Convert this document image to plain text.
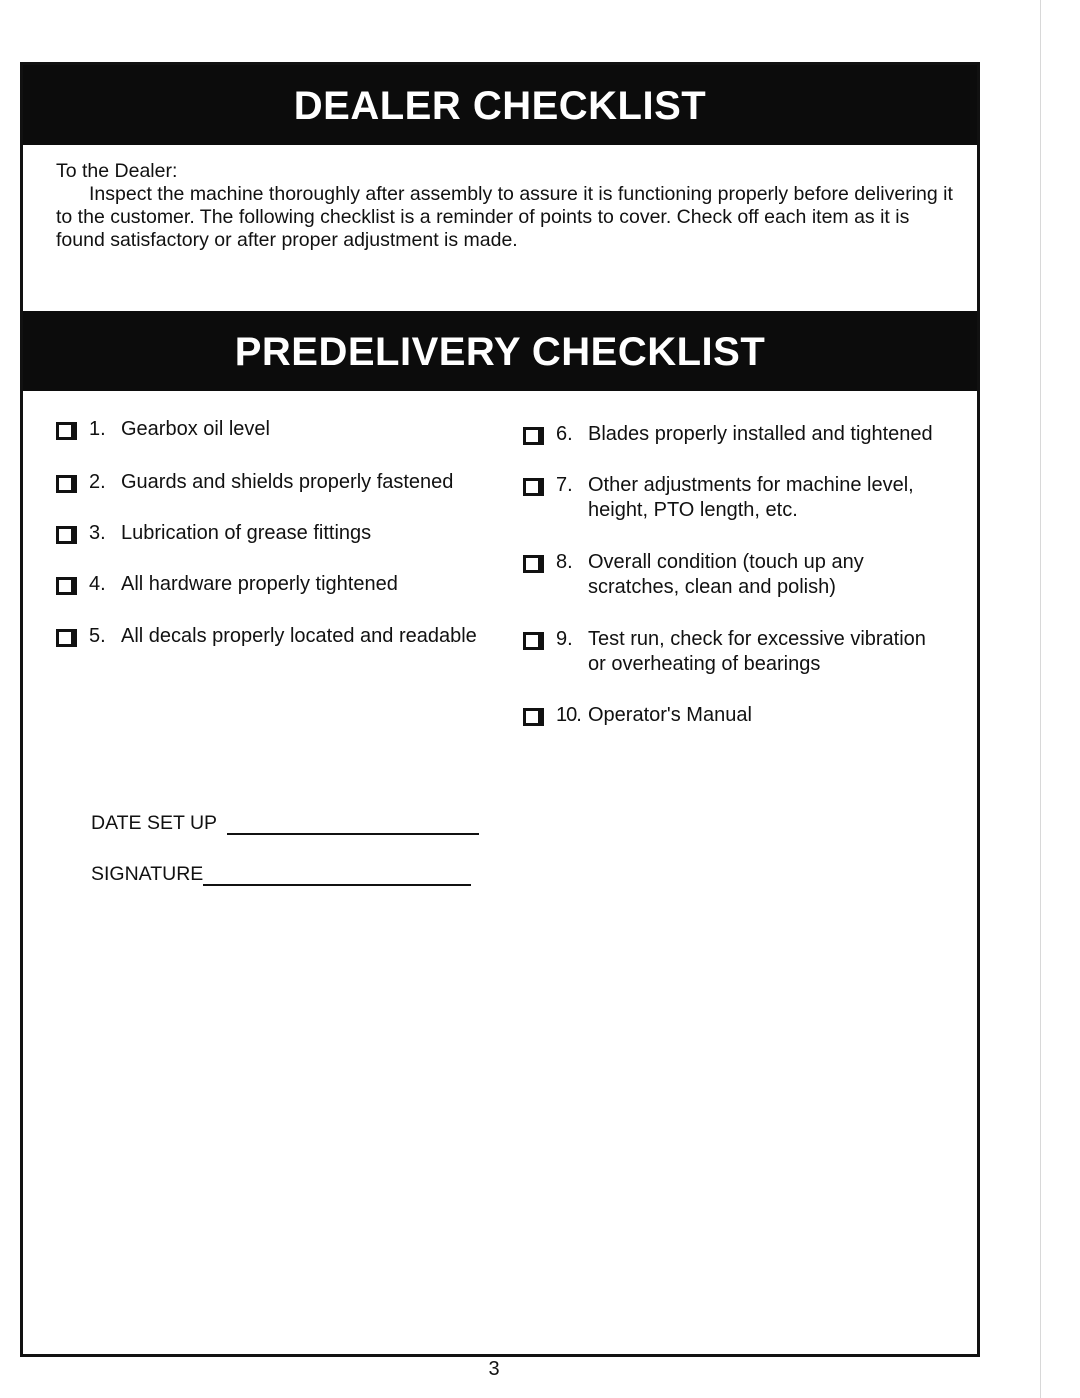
DEALER CHECKLIST
To the Dealer:
Inspect the machine thoroughly after assembly to assure it is functioning properly before delivering it to the customer. The following checklist is a reminder of points to cover. Check off each item as it is found satisfactory or after proper adjustment is made.
PREDELIVERY CHECKLIST
1. Gearbox oil level
2. Guards and shields properly fastened
3. Lubrication of grease fittings
4. All hardware properly tightened
5. All decals properly located and readable
6. Blades properly installed and tightened
7. Other adjustments for machine level,
height, PTO length, etc.
8. Overall condition (touch up any
scratches, clean and polish)
9. Test run, check for excessive vibration
or overheating of bearings
10. Operator's Manual
DATE SET UP
SIGNATURE
3
